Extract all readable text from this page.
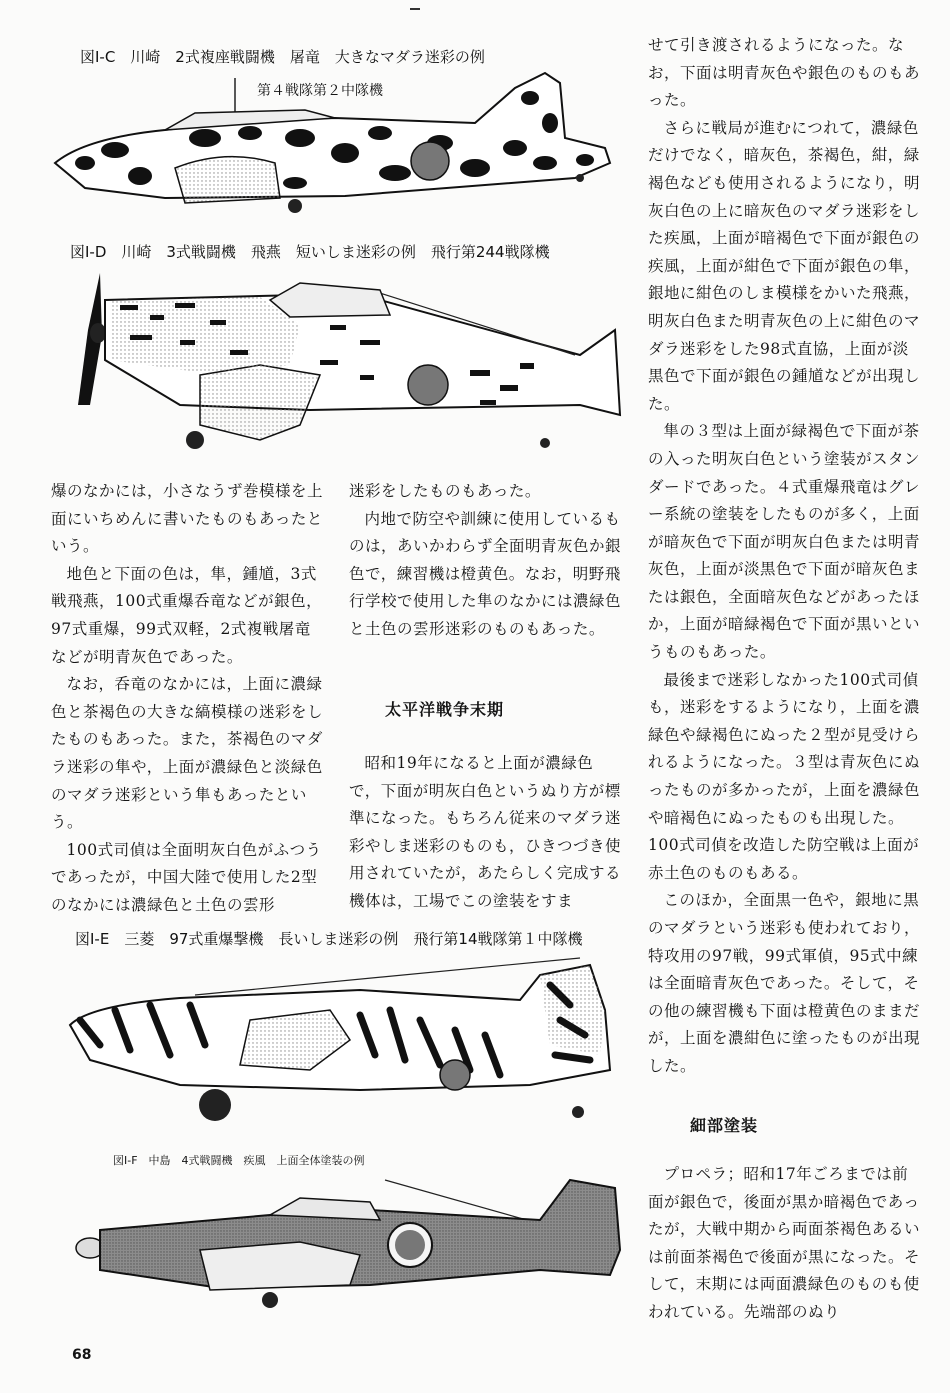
図Ⅰ-C　川崎　2式複座戦闘機　屠竜　大きなマダラ迷彩の例
第４戦隊第２中隊機
図Ⅰ-D　川崎　3式戦闘機　飛燕　短いしま迷彩の例　飛行第244戦隊機

爆のなかには，小さなうず巻模様を上面にいちめんに書いたものもあったという。

地色と下面の色は，隼，鍾馗，3式戦飛燕，100式重爆呑竜などが銀色，97式重爆，99式双軽，2式複戦屠竜などが明青灰色であった。

なお，呑竜のなかには，上面に濃緑色と茶褐色の大きな縞模様の迷彩をしたものもあった。また，茶褐色のマダラ迷彩の隼や，上面が濃緑色と淡緑色のマダラ迷彩という隼もあったという。

100式司偵は全面明灰白色がふつうであったが，中国大陸で使用した2型のなかには濃緑色と土色の雲形

迷彩をしたものもあった。

内地で防空や訓練に使用しているものは，あいかわらず全面明青灰色か銀色で，練習機は橙黄色。なお，明野飛行学校で使用した隼のなかには濃緑色と土色の雲形迷彩のものもあった。

太平洋戦争末期

昭和19年になると上面が濃緑色で，下面が明灰白色というぬり方が標準になった。もちろん従来のマダラ迷彩やしま迷彩のものも，ひきつづき使用されていたが，あたらしく完成する機体は，工場でこの塗装をすま

図Ⅰ-E　三菱　97式重爆撃機　長いしま迷彩の例　飛行第14戦隊第１中隊機
図Ⅰ-F　中島　4式戦闘機　疾風　上面全体塗装の例

せて引き渡されるようになった。なお，下面は明青灰色や銀色のものもあった。

さらに戦局が進むにつれて，濃緑色だけでなく，暗灰色，茶褐色，紺，緑褐色なども使用されるようになり，明灰白色の上に暗灰色のマダラ迷彩をした疾風，上面が暗褐色で下面が銀色の疾風，上面が紺色で下面が銀色の隼，銀地に紺色のしま模様をかいた飛燕，明灰白色また明青灰色の上に紺色のマダラ迷彩をした98式直協，上面が淡黒色で下面が銀色の鍾馗などが出現した。

隼の３型は上面が緑褐色で下面が茶の入った明灰白色という塗装がスタンダードであった。４式重爆飛竜はグレー系統の塗装をしたものが多く，上面が暗灰色で下面が明灰白色または明青灰色，上面が淡黒色で下面が暗灰色または銀色，全面暗灰色などがあったほか，上面が暗緑褐色で下面が黒いというものもあった。

最後まで迷彩しなかった100式司偵も，迷彩をするようになり，上面を濃緑色や緑褐色にぬった２型が見受けられるようになった。３型は青灰色にぬったものが多かったが，上面を濃緑色や暗褐色にぬったものも出現した。100式司偵を改造した防空戦は上面が赤土色のものもある。

このほか，全面黒一色や，銀地に黒のマダラという迷彩も使われており，特攻用の97戦，99式軍偵，95式中練は全面暗青灰色であった。そして，その他の練習機も下面は橙黄色のままだが，上面を濃紺色に塗ったものが出現した。

細部塗装

プロペラ；昭和17年ごろまでは前面が銀色で，後面が黒か暗褐色であったが，大戦中期から両面茶褐色あるいは前面茶褐色で後面が黒になった。そして，末期には両面濃緑色のものも使われている。先端部のぬり

68
